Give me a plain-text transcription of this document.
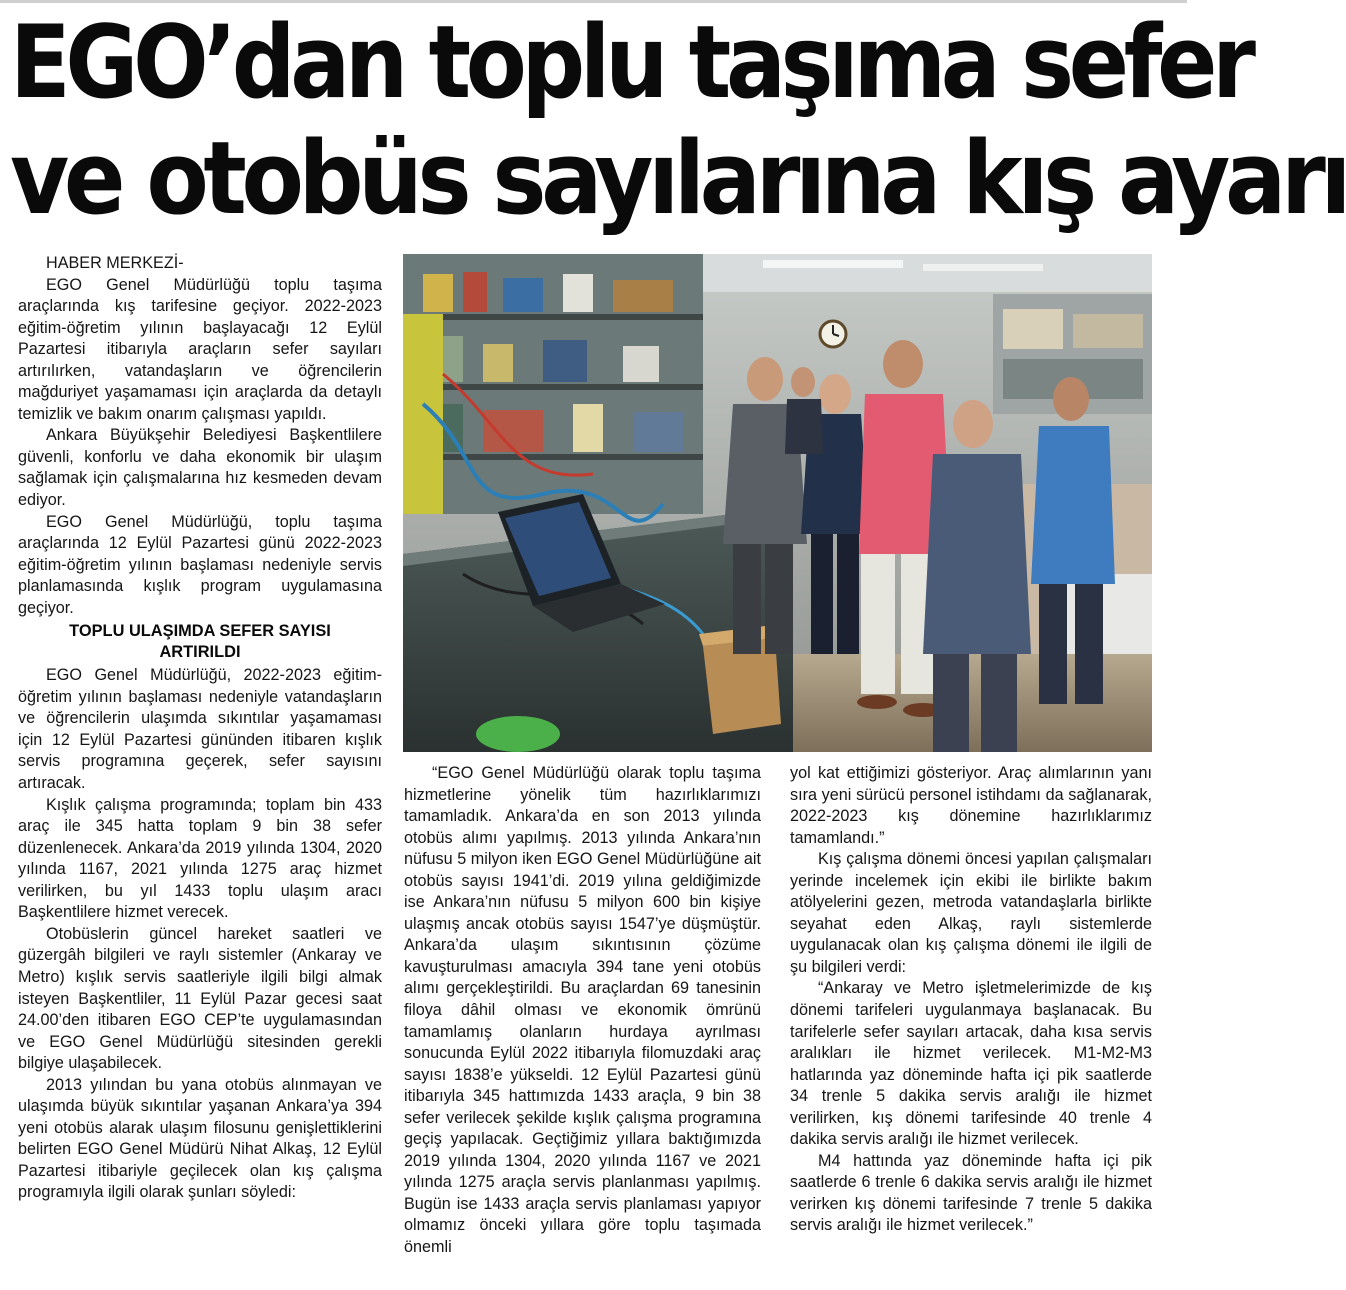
EGO’dan toplu taşıma sefer
ve otobüs sayılarına kış ayarı

HABER MERKEZİ-

EGO Genel Müdürlüğü toplu taşıma araçlarında kış tarifesine geçiyor. 2022-2023 eğitim-öğretim yılının başlayacağı 12 Eylül Pazartesi itibarıyla araçların sefer sayıları artırılırken, vatandaşların ve öğrencilerin mağduriyet yaşamaması için araçlarda da detaylı temizlik ve bakım onarım çalışması yapıldı.

Ankara Büyükşehir Belediyesi Başkentlilere güvenli, konforlu ve daha ekonomik bir ulaşım sağlamak için çalışmalarına hız kesmeden devam ediyor.

EGO Genel Müdürlüğü, toplu taşıma araçlarında 12 Eylül Pazartesi günü 2022-2023 eğitim-öğretim yılının başlaması nedeniyle servis planlamasında kışlık program uygulamasına geçiyor.

TOPLU ULAŞIMDA SEFER SAYISI
ARTIRILDI

EGO Genel Müdürlüğü, 2022-2023 eğitim-öğretim yılının başlaması nedeniyle vatandaşların ve öğrencilerin ulaşımda sıkıntılar yaşamaması için 12 Eylül Pazartesi gününden itibaren kışlık servis programına geçerek, sefer sayısını artıracak.

Kışlık çalışma programında; toplam bin 433 araç ile 345 hatta toplam 9 bin 38 sefer düzenlenecek. Ankara’da 2019 yılında 1304, 2020 yılında 1167, 2021 yılında 1275 araç hizmet verilirken, bu yıl 1433 toplu ulaşım aracı Başkentlilere hizmet verecek.

Otobüslerin güncel hareket saatleri ve güzergâh bilgileri ve raylı sistemler (Ankaray ve Metro) kışlık servis saatleriyle ilgili bilgi almak isteyen Başkentliler, 11 Eylül Pazar gecesi saat 24.00’den itibaren EGO CEP’te uygulamasından ve EGO Genel Müdürlüğü sitesinden gerekli bilgiye ulaşabilecek.

2013 yılından bu yana otobüs alınmayan ve ulaşımda büyük sıkıntılar yaşanan Ankara’ya 394 yeni otobüs alarak ulaşım filosunu genişlettiklerini belirten EGO Genel Müdürü Nihat Alkaş, 12 Eylül Pazartesi itibariyle geçilecek olan kış çalışma programıyla ilgili olarak şunları söyledi:

“EGO Genel Müdürlüğü olarak toplu taşıma hizmetlerine yönelik tüm hazırlıklarımızı tamamladık. Ankara’da en son 2013 yılında otobüs alımı yapılmış. 2013 yılında Ankara’nın nüfusu 5 milyon iken EGO Genel Müdürlüğüne ait otobüs sayısı 1941’di. 2019 yılına geldiğimizde ise Ankara’nın nüfusu 5 milyon 600 bin kişiye ulaşmış ancak otobüs sayısı 1547’ye düşmüştür. Ankara’da ulaşım sıkıntısının çözüme kavuşturulması amacıyla 394 tane yeni otobüs alımı gerçekleştirildi. Bu araçlardan 69 tanesinin filoya dâhil olması ve ekonomik ömrünü tamamlamış olanların hurdaya ayrılması sonucunda Eylül 2022 itibarıyla filomuzdaki araç sayısı 1838’e yükseldi. 12 Eylül Pazartesi günü itibarıyla 345 hattımızda 1433 araçla, 9 bin 38 sefer verilecek şekilde kışlık çalışma programına geçiş yapılacak. Geçtiğimiz yıllara baktığımızda 2019 yılında 1304, 2020 yılında 1167 ve 2021 yılında 1275 araçla servis planlanması yapılmış. Bugün ise 1433 araçla servis planlaması yapıyor olmamız önceki yıllara göre toplu taşımada önemli

yol kat ettiğimizi gösteriyor. Araç alımlarının yanı sıra yeni sürücü personel istihdamı da sağlanarak, 2022-2023 kış dönemine hazırlıklarımız tamamlandı.”

Kış çalışma dönemi öncesi yapılan çalışmaları yerinde incelemek için ekibi ile birlikte bakım atölyelerini gezen, metroda vatandaşlarla birlikte seyahat eden Alkaş, raylı sistemlerde uygulanacak olan kış çalışma dönemi ile ilgili de şu bilgileri verdi:

“Ankaray ve Metro işletmelerimizde de kış dönemi tarifeleri uygulanmaya başlanacak. Bu tarifelerle sefer sayıları artacak, daha kısa servis aralıkları ile hizmet verilecek. M1-M2-M3 hatlarında yaz döneminde hafta içi pik saatlerde 34 trenle 5 dakika servis aralığı ile hizmet verilirken, kış dönemi tarifesinde 40 trenle 4 dakika servis aralığı ile hizmet verilecek.

M4 hattında yaz döneminde hafta içi pik saatlerde 6 trenle 6 dakika servis aralığı ile hizmet verirken kış dönemi tarifesinde 7 trenle 5 dakika servis aralığı ile hizmet verilecek.”
